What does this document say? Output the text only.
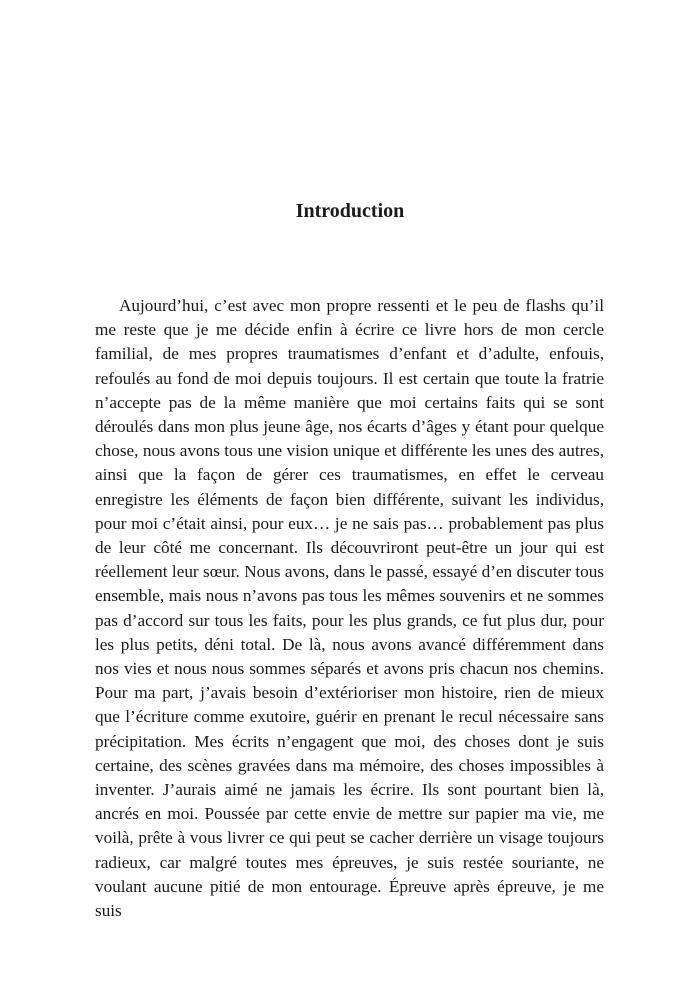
Introduction

Aujourd’hui, c’est avec mon propre ressenti et le peu de flashs qu’il me reste que je me décide enfin à écrire ce livre hors de mon cercle familial, de mes propres traumatismes d’enfant et d’adulte, enfouis, refoulés au fond de moi depuis toujours. Il est certain que toute la fratrie n’accepte pas de la même manière que moi certains faits qui se sont déroulés dans mon plus jeune âge, nos écarts d’âges y étant pour quelque chose, nous avons tous une vision unique et différente les unes des autres, ainsi que la façon de gérer ces traumatismes, en effet le cerveau enregistre les éléments de façon bien différente, suivant les individus, pour moi c’était ainsi, pour eux… je ne sais pas… probablement pas plus de leur côté me concernant. Ils découvriront peut-être un jour qui est réellement leur sœur. Nous avons, dans le passé, essayé d’en discuter tous ensemble, mais nous n’avons pas tous les mêmes souvenirs et ne sommes pas d’accord sur tous les faits, pour les plus grands, ce fut plus dur, pour les plus petits, déni total. De là, nous avons avancé différemment dans nos vies et nous nous sommes séparés et avons pris chacun nos chemins. Pour ma part, j’avais besoin d’extérioriser mon histoire, rien de mieux que l’écriture comme exutoire, guérir en prenant le recul nécessaire sans précipitation. Mes écrits n’engagent que moi, des choses dont je suis certaine, des scènes gravées dans ma mémoire, des choses impossibles à inventer. J’aurais aimé ne jamais les écrire. Ils sont pourtant bien là, ancrés en moi. Poussée par cette envie de mettre sur papier ma vie, me voilà, prête à vous livrer ce qui peut se cacher derrière un visage toujours radieux, car malgré toutes mes épreuves, je suis restée souriante, ne voulant aucune pitié de mon entourage. Épreuve après épreuve, je me suis
